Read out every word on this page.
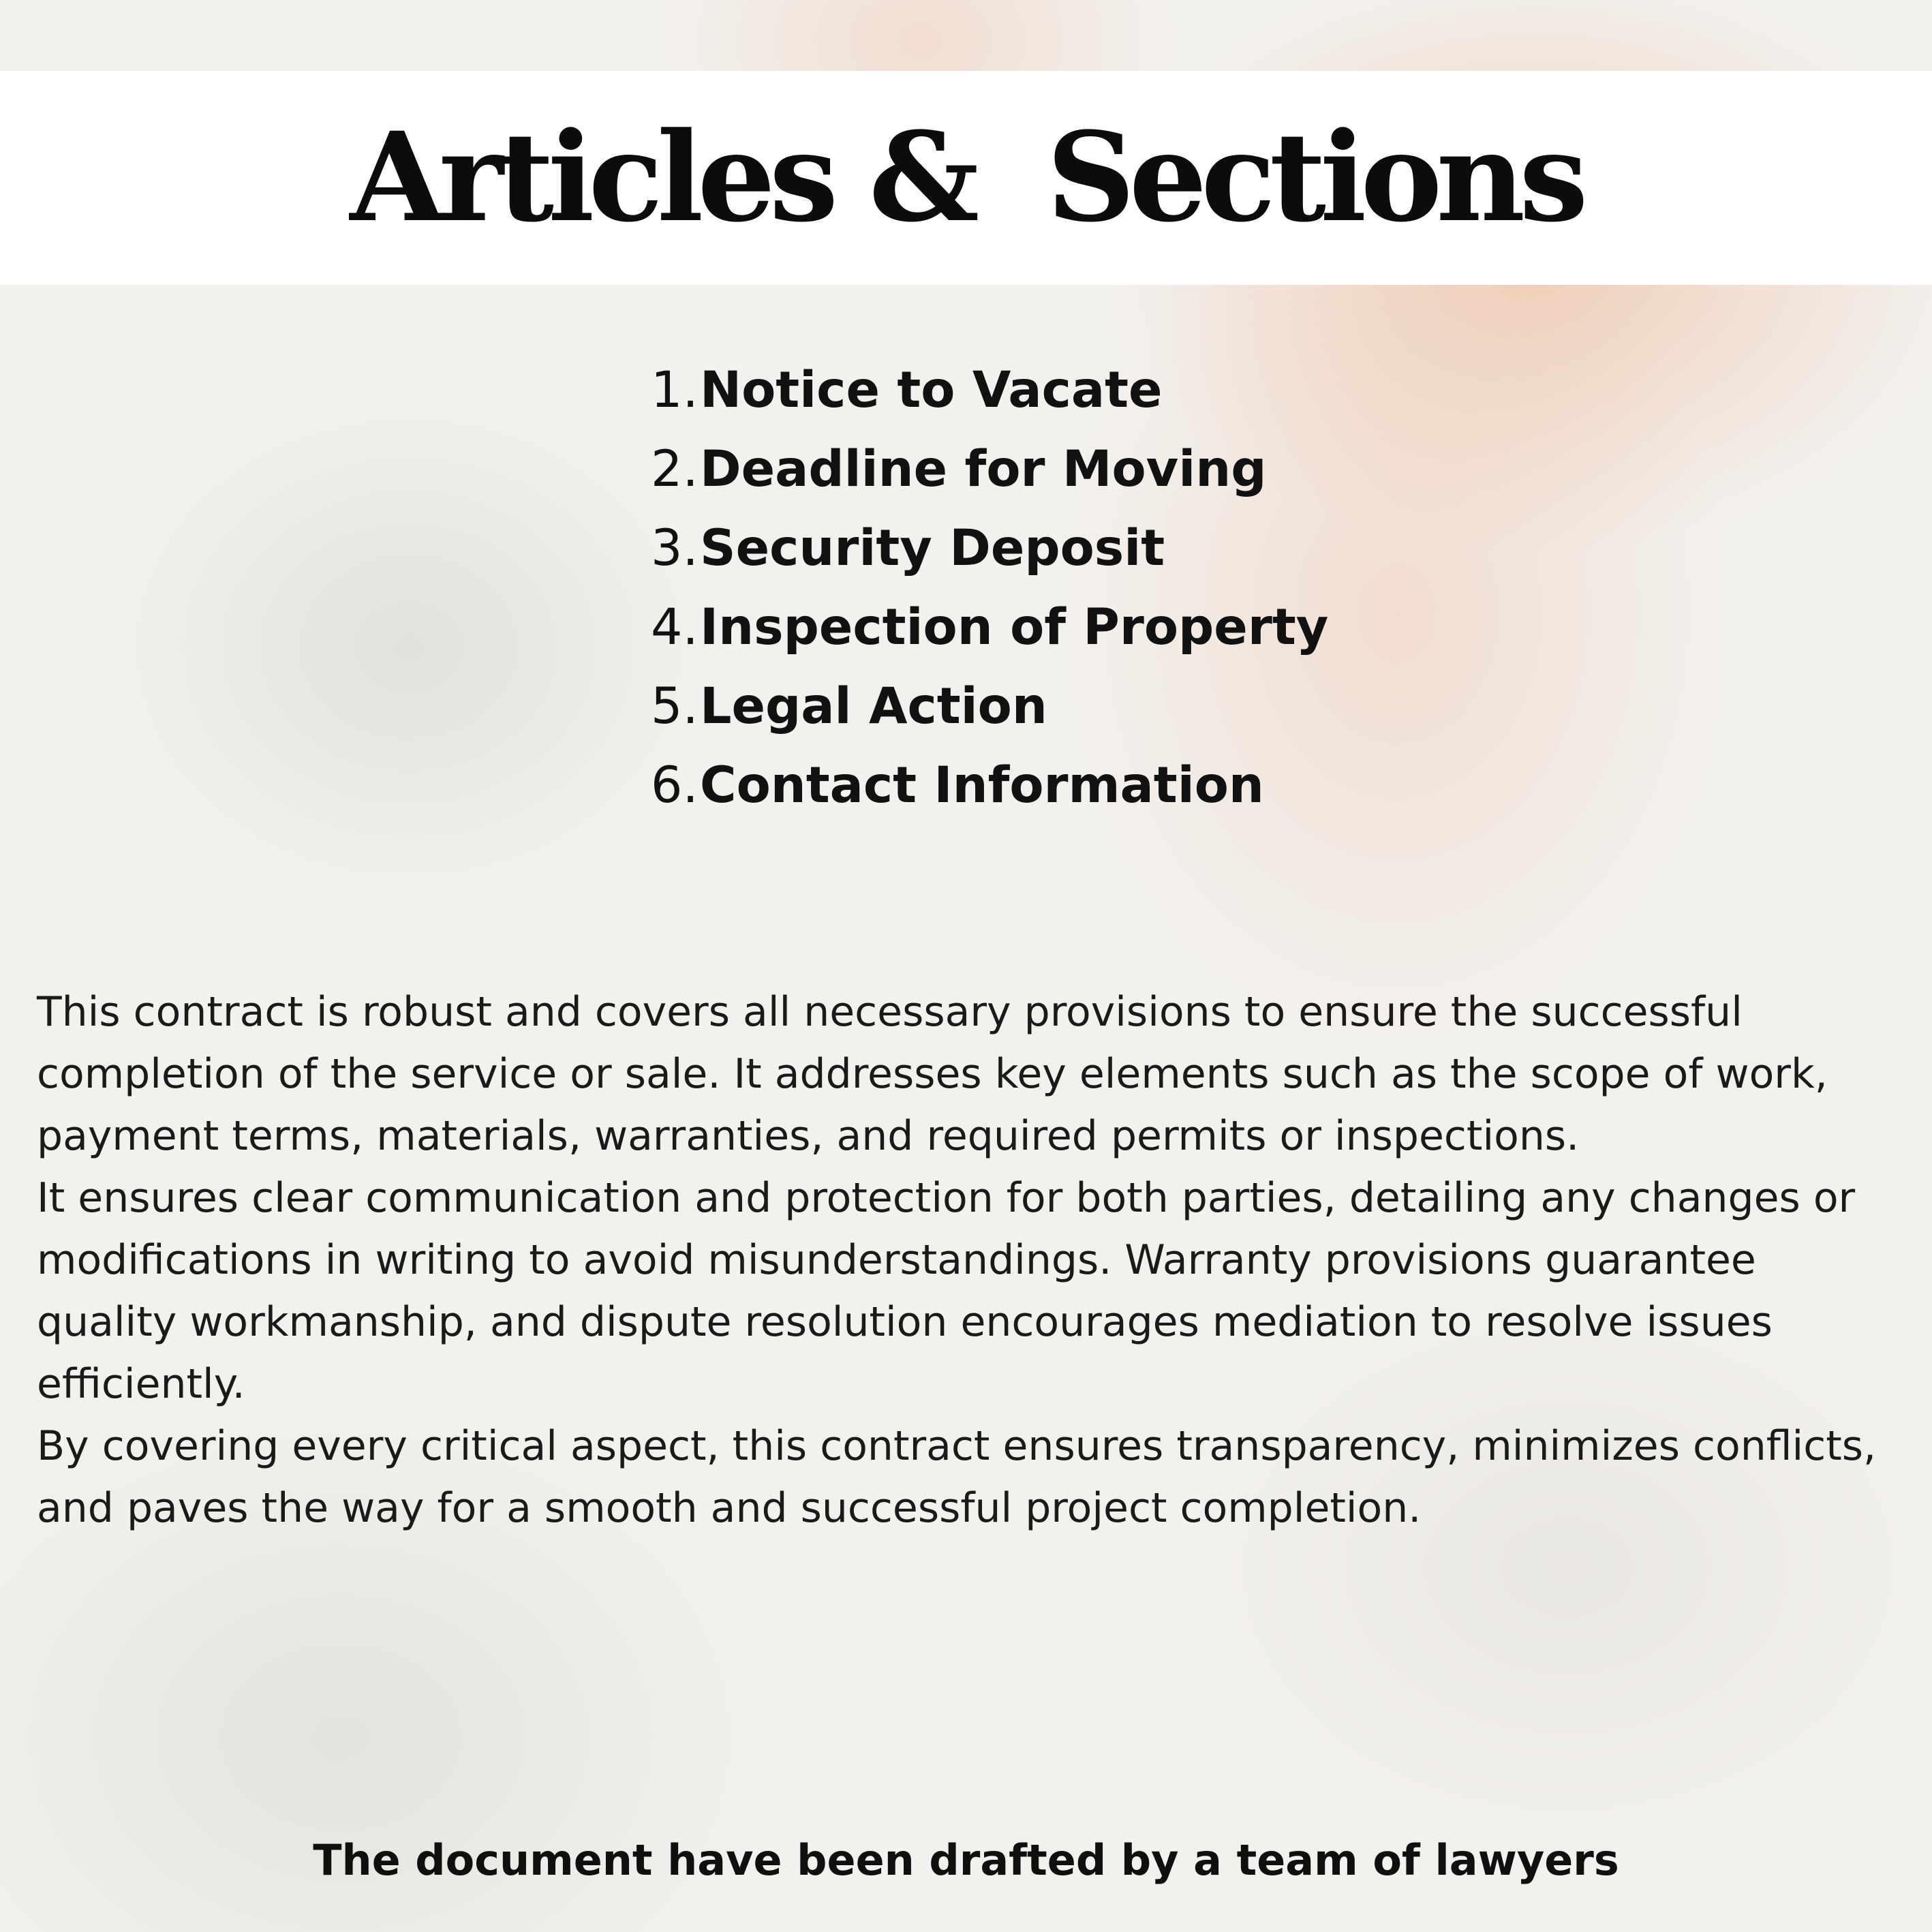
Articles &  Sections
1. Notice to Vacate
2. Deadline for Moving
3. Security Deposit
4. Inspection of Property
5. Legal Action
6. Contact Information

This contract is robust and covers all necessary provisions to ensure the successful completion of the service or sale. It addresses key elements such as the scope of work, payment terms, materials, warranties, and required permits or inspections.

It ensures clear communication and protection for both parties, detailing any changes or modifications in writing to avoid misunderstandings. Warranty provisions guarantee quality workmanship, and dispute resolution encourages mediation to resolve issues efficiently.

By covering every critical aspect, this contract ensures transparency, minimizes conflicts, and paves the way for a smooth and successful project completion.

The document have been drafted by a team of lawyers
